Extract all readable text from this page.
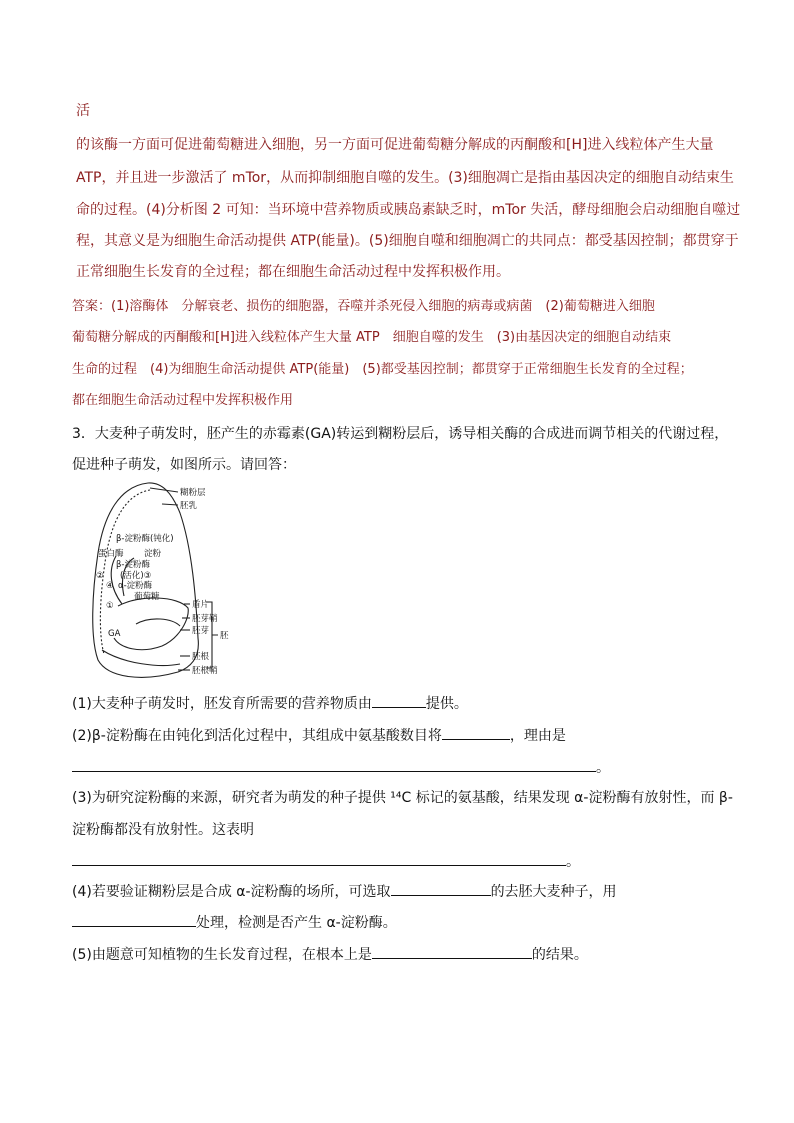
活
的该酶一方面可促进葡萄糖进入细胞，另一方面可促进葡萄糖分解成的丙酮酸和[H]进入线粒体产生大量
ATP，并且进一步激活了 mTor，从而抑制细胞自噬的发生。(3)细胞凋亡是指由基因决定的细胞自动结束生
命的过程。(4)分析图 2 可知：当环境中营养物质或胰岛素缺乏时，mTor 失活，酵母细胞会启动细胞自噬过
程，其意义是为细胞生命活动提供 ATP(能量)。(5)细胞自噬和细胞凋亡的共同点：都受基因控制；都贯穿于
正常细胞生长发育的全过程；都在细胞生命活动过程中发挥积极作用。
答案：(1)溶酶体　分解衰老、损伤的细胞器，吞噬并杀死侵入细胞的病毒或病菌　(2)葡萄糖进入细胞
葡萄糖分解成的丙酮酸和[H]进入线粒体产生大量 ATP　细胞自噬的发生　(3)由基因决定的细胞自动结束
生命的过程　(4)为细胞生命活动提供 ATP(能量)　(5)都受基因控制；都贯穿于正常细胞生长发育的全过程；
都在细胞生命活动过程中发挥积极作用
3．大麦种子萌发时，胚产生的赤霉素(GA)转运到糊粉层后，诱导相关酶的合成进而调节相关的代谢过程，
促进种子萌发，如图所示。请回答：
糊粉层
胚乳
β-淀粉酶(钝化)
蛋白酶 淀粉
β-淀粉酶
(活化)③
α-淀粉酶
葡萄糖
盾片
胚芽鞘
胚芽 胚
胚根
胚根鞘
GA
①
②
④
(1)大麦种子萌发时，胚发育所需要的营养物质由	提供。
(2)β-淀粉酶在由钝化到活化过程中，其组成中氨基酸数目将	，理由是
。
(3)为研究淀粉酶的来源，研究者为萌发的种子提供 ¹⁴C 标记的氨基酸，结果发现 α-淀粉酶有放射性，而 β-
淀粉酶都没有放射性。这表明
。
(4)若要验证糊粉层是合成 α-淀粉酶的场所，可选取	的去胚大麦种子，用
处理，检测是否产生 α-淀粉酶。
(5)由题意可知植物的生长发育过程，在根本上是	的结果。
